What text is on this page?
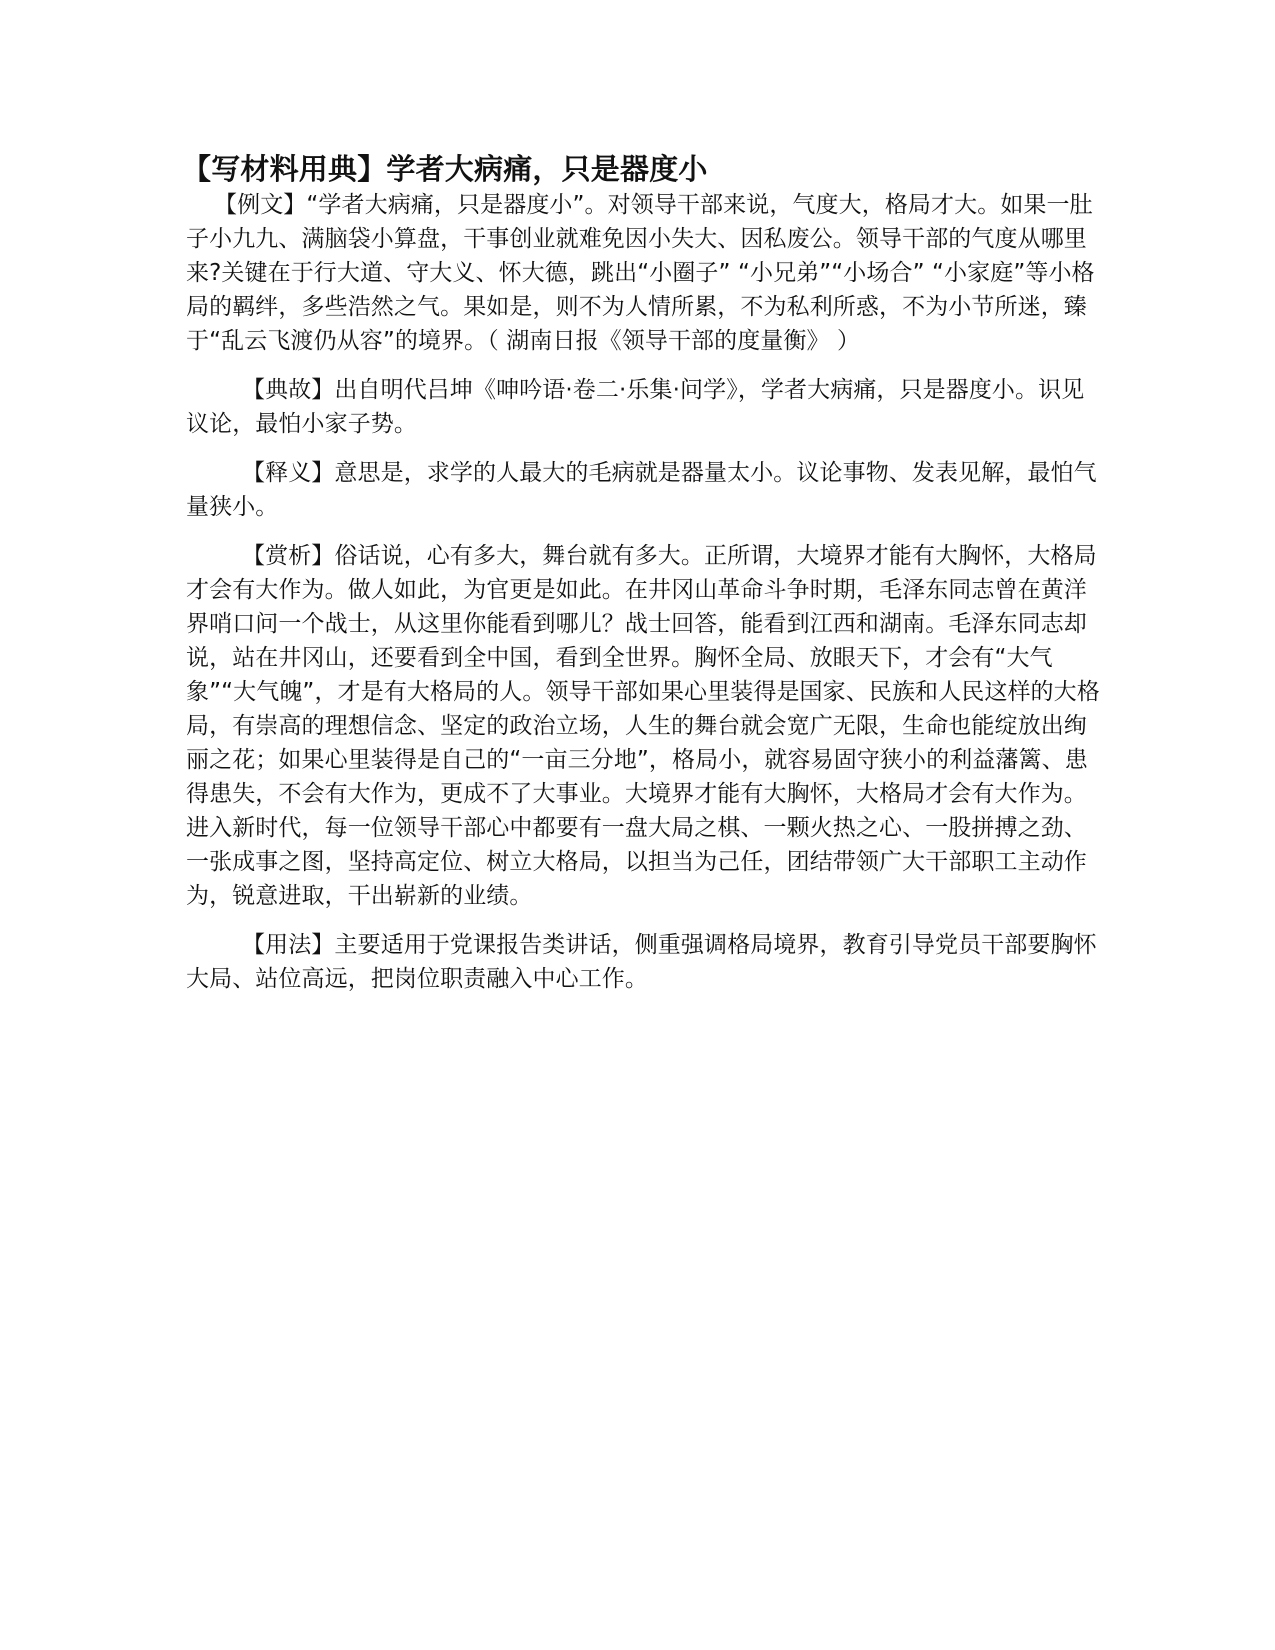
【写材料用典】学者大病痛，只是器度小

【例文】“学者大病痛，只是器度小”。对领导干部来说，气度大，格局才大。如果一肚子小九九、满脑袋小算盘，干事创业就难免因小失大、因私废公。领导干部的气度从哪里来?关键在于行大道、守大义、怀大德，跳出“小圈子” “小兄弟”“小场合” “小家庭”等小格局的羁绊，多些浩然之气。果如是，则不为人情所累，不为私利所惑，不为小节所迷，臻于“乱云飞渡仍从容”的境界。（ 湖南日报《领导干部的度量衡》 ）

【典故】出自明代吕坤《呻吟语·卷二·乐集·问学》，学者大病痛，只是器度小。识见议论，最怕小家子势。

【释义】意思是，求学的人最大的毛病就是器量太小。议论事物、发表见解，最怕气量狭小。

【赏析】俗话说，心有多大，舞台就有多大。正所谓，大境界才能有大胸怀，大格局才会有大作为。做人如此，为官更是如此。在井冈山革命斗争时期，毛泽东同志曾在黄洋界哨口问一个战士，从这里你能看到哪儿？战士回答，能看到江西和湖南。毛泽东同志却说，站在井冈山，还要看到全中国，看到全世界。胸怀全局、放眼天下，才会有“大气象”“大气魄”，才是有大格局的人。领导干部如果心里装得是国家、民族和人民这样的大格局，有崇高的理想信念、坚定的政治立场，人生的舞台就会宽广无限，生命也能绽放出绚丽之花；如果心里装得是自己的“一亩三分地”，格局小，就容易固守狭小的利益藩篱、患得患失，不会有大作为，更成不了大事业。大境界才能有大胸怀，大格局才会有大作为。进入新时代，每一位领导干部心中都要有一盘大局之棋、一颗火热之心、一股拼搏之劲、一张成事之图，坚持高定位、树立大格局，以担当为己任，团结带领广大干部职工主动作为，锐意进取，干出崭新的业绩。

【用法】主要适用于党课报告类讲话，侧重强调格局境界，教育引导党员干部要胸怀大局、站位高远，把岗位职责融入中心工作。
